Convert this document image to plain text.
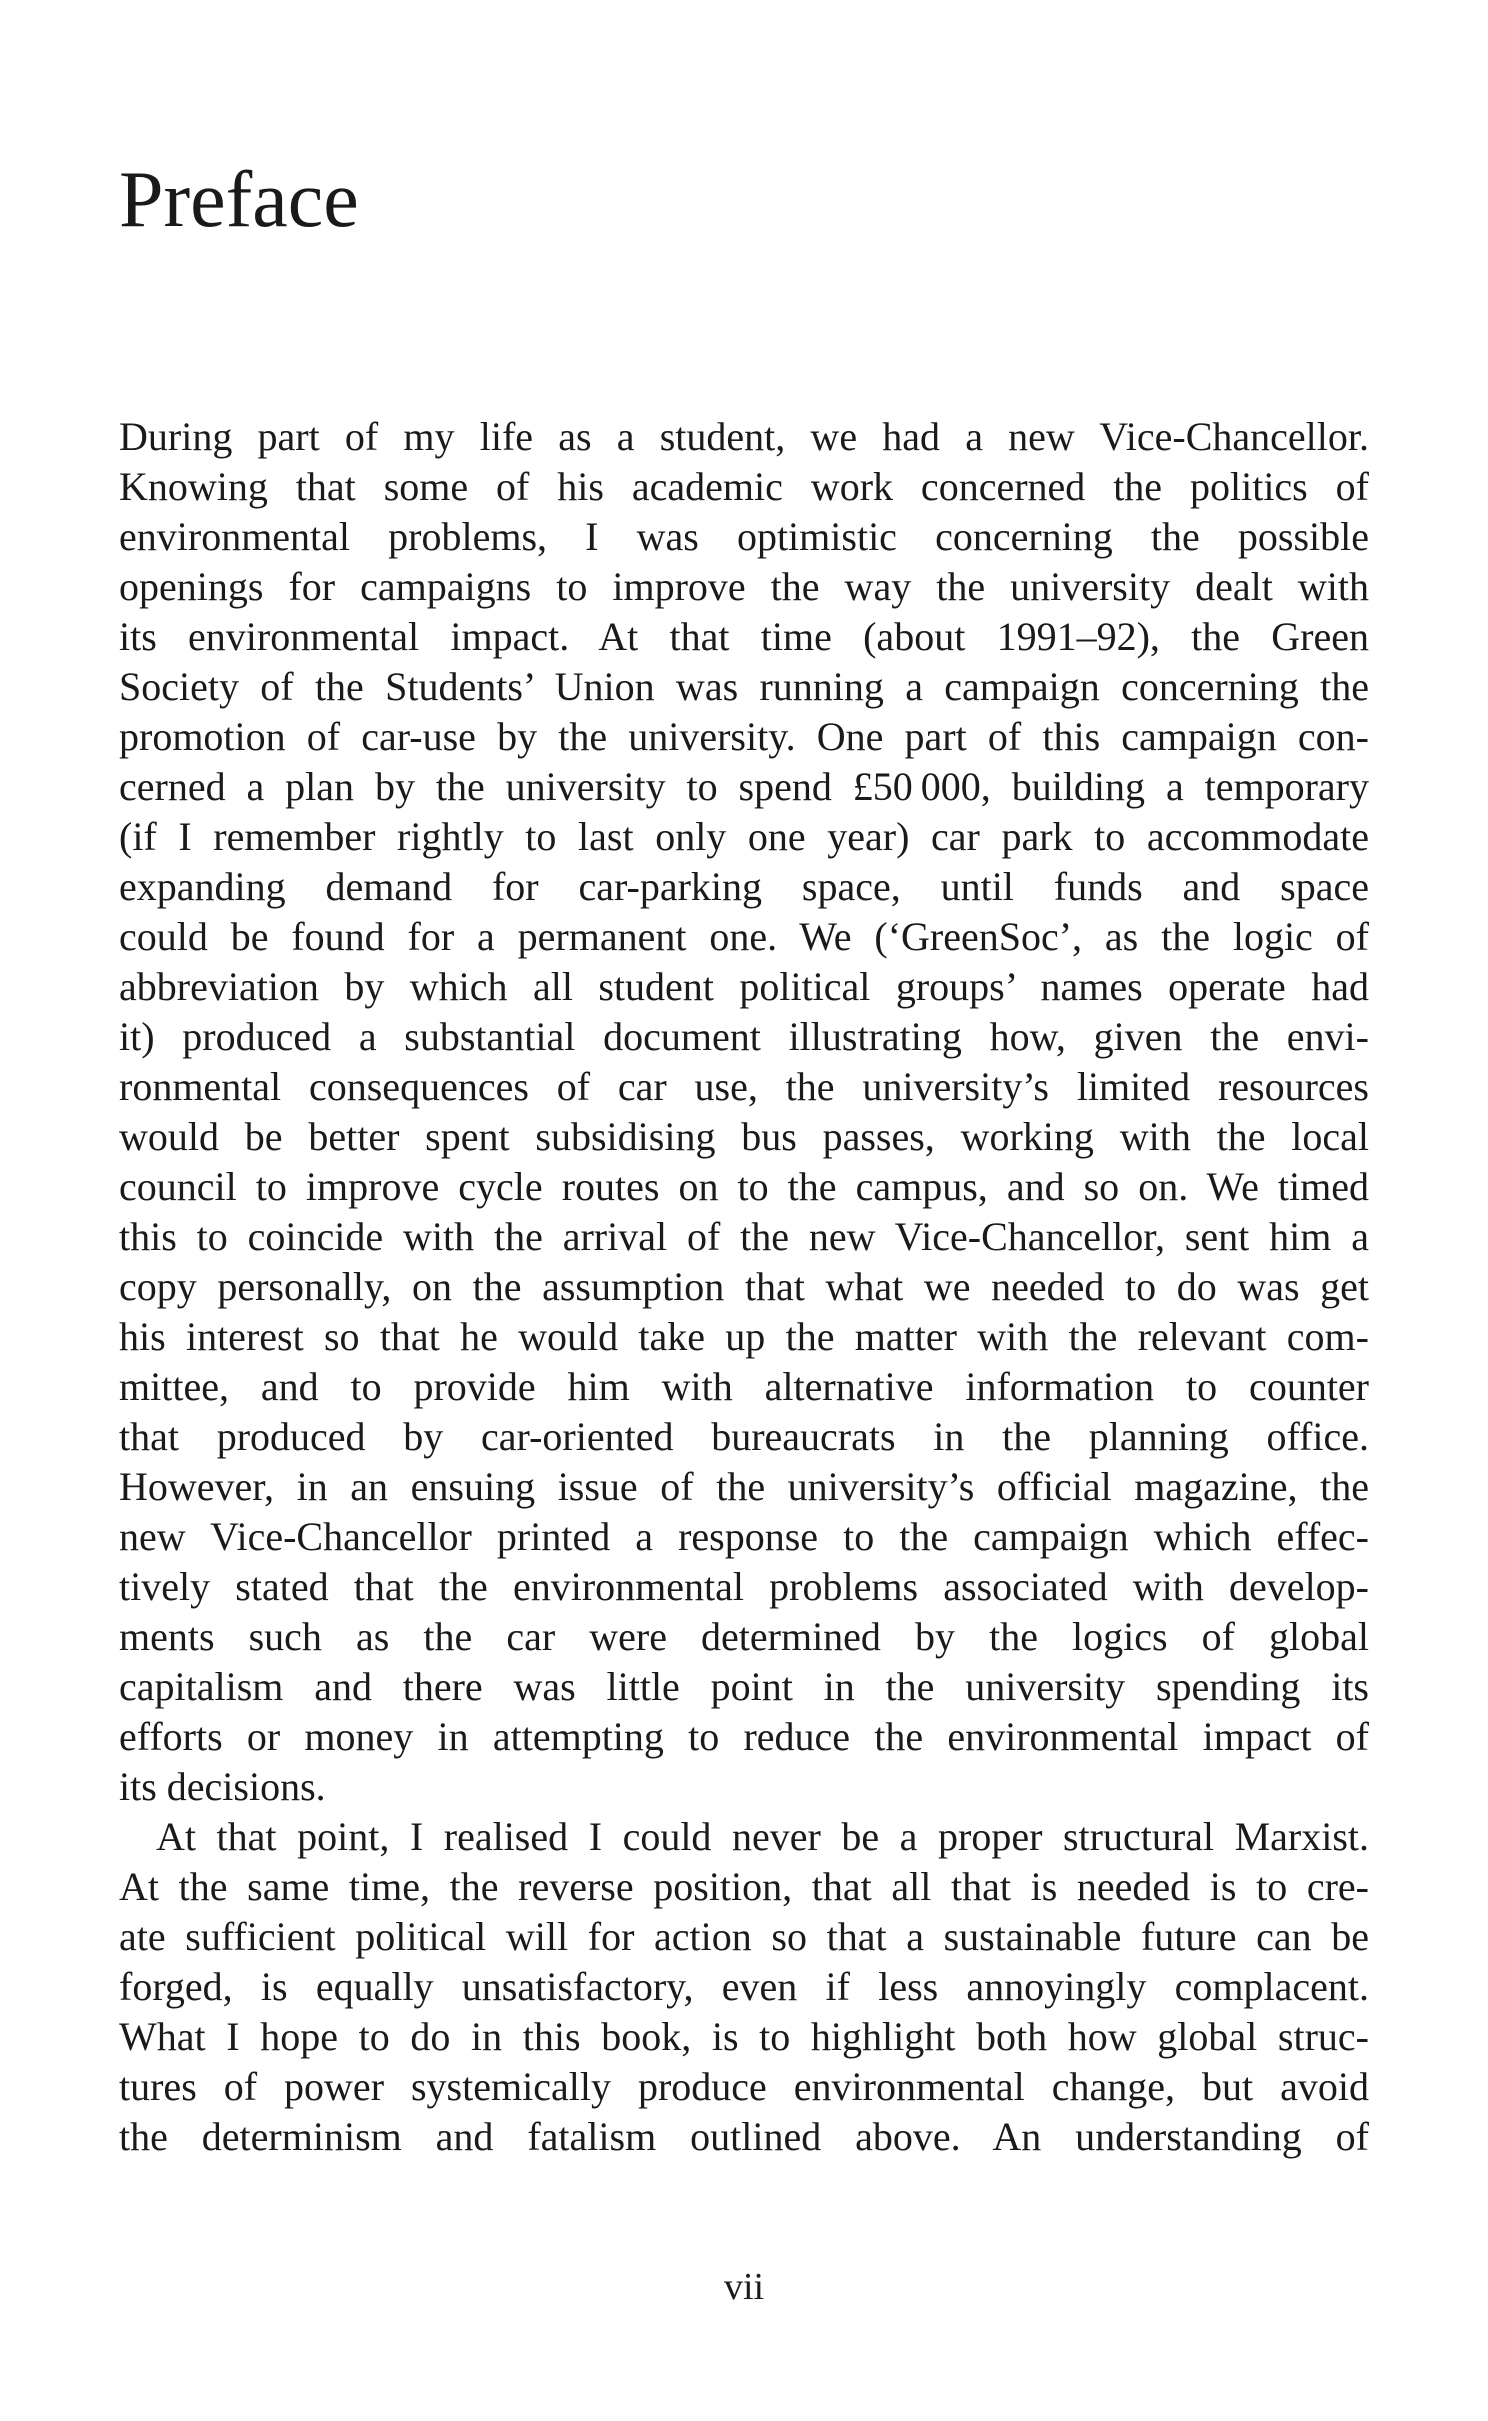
Preface
During part of my life as a student, we had a new Vice-Chancellor.
Knowing that some of his academic work concerned the politics of
environmental problems, I was optimistic concerning the possible
openings for campaigns to improve the way the university dealt with
its environmental impact. At that time (about 1991–92), the Green
Society of the Students’ Union was running a campaign concerning the
promotion of car-use by the university. One part of this campaign con-
cerned a plan by the university to spend £50 000, building a temporary
(if I remember rightly to last only one year) car park to accommodate
expanding demand for car-parking space, until funds and space
could be found for a permanent one. We (‘GreenSoc’, as the logic of
abbreviation by which all student political groups’ names operate had
it) produced a substantial document illustrating how, given the envi-
ronmental consequences of car use, the university’s limited resources
would be better spent subsidising bus passes, working with the local
council to improve cycle routes on to the campus, and so on. We timed
this to coincide with the arrival of the new Vice-Chancellor, sent him a
copy personally, on the assumption that what we needed to do was get
his interest so that he would take up the matter with the relevant com-
mittee, and to provide him with alternative information to counter
that produced by car-oriented bureaucrats in the planning office.
However, in an ensuing issue of the university’s official magazine, the
new Vice-Chancellor printed a response to the campaign which effec-
tively stated that the environmental problems associated with develop-
ments such as the car were determined by the logics of global
capitalism and there was little point in the university spending its
efforts or money in attempting to reduce the environmental impact of
its decisions.
At that point, I realised I could never be a proper structural Marxist.
At the same time, the reverse position, that all that is needed is to cre-
ate sufficient political will for action so that a sustainable future can be
forged, is equally unsatisfactory, even if less annoyingly complacent.
What I hope to do in this book, is to highlight both how global struc-
tures of power systemically produce environmental change, but avoid
the determinism and fatalism outlined above. An understanding of
vii
